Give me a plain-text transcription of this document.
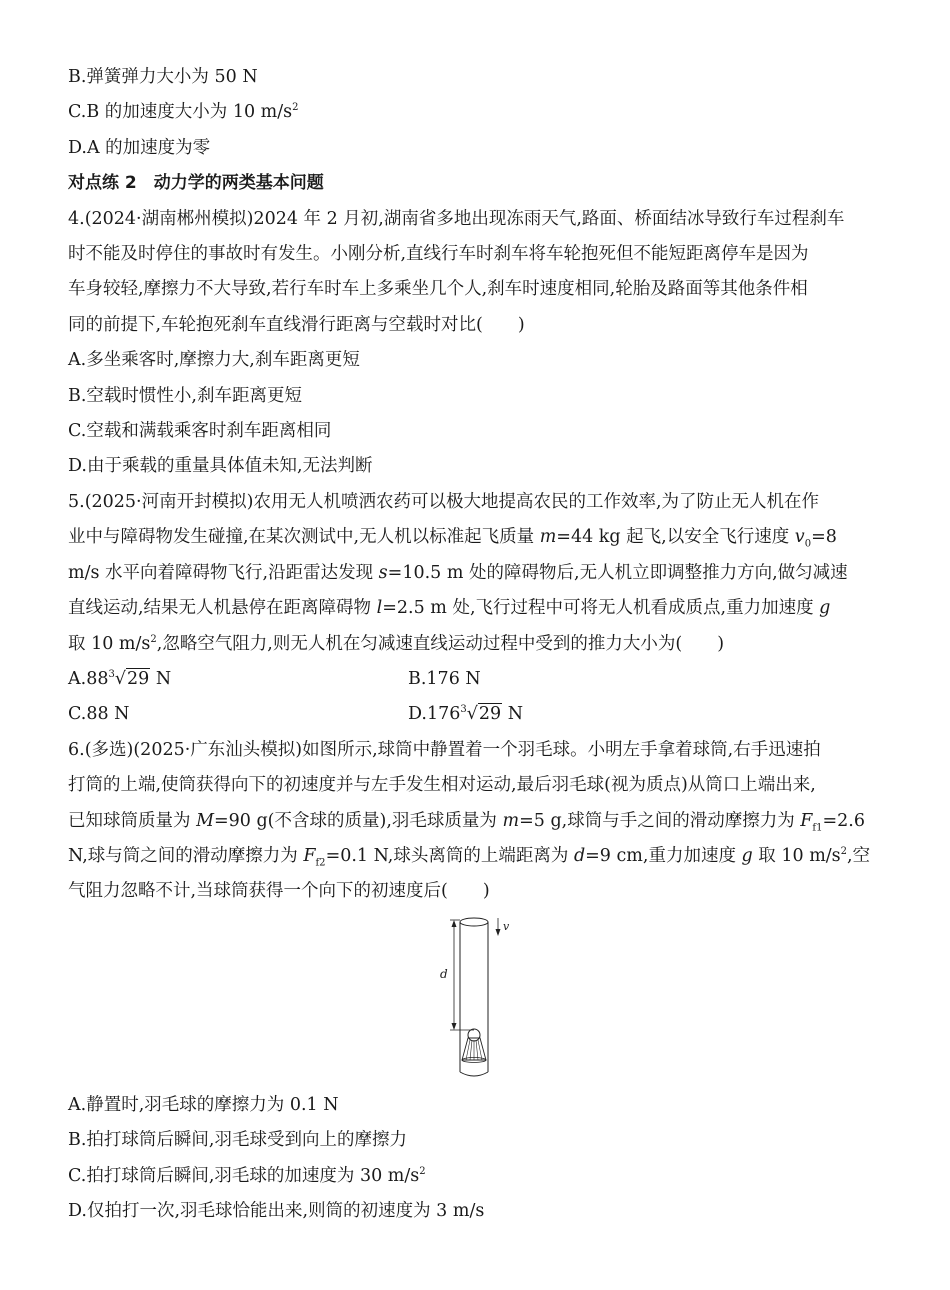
B.弹簧弹力大小为 50 N
C.B 的加速度大小为 10 $m/s^2$
D.A 的加速度为零
对点练 2　动力学的两类基本问题
4.(2024·湖南郴州模拟)2024 年 2 月初,湖南省多地出现冻雨天气,路面、桥面结冰导致行车过程刹车
时不能及时停住的事故时有发生。小刚分析,直线行车时刹车将车轮抱死但不能短距离停车是因为
车身较轻,摩擦力不大导致,若行车时车上多乘坐几个人,刹车时速度相同,轮胎及路面等其他条件相
同的前提下,车轮抱死刹车直线滑行距离与空载时对比(　　)
A.多坐乘客时,摩擦力大,刹车距离更短
B.空载时惯性小,刹车距离更短
C.空载和满载乘客时刹车距离相同
D.由于乘载的重量具体值未知,无法判断
5.(2025·河南开封模拟)农用无人机喷洒农药可以极大地提高农民的工作效率,为了防止无人机在作
业中与障碍物发生碰撞,在某次测试中,无人机以标准起飞质量 m=44 kg 起飞,以安全飞行速度 $v_0=8$
m/s 水平向着障碍物飞行,沿距雷达发现 s=10.5 m 处的障碍物后,无人机立即调整推力方向,做匀减速
直线运动,结果无人机悬停在距离障碍物 l=2.5 m 处,飞行过程中可将无人机看成质点,重力加速度 g
取 10 $m/s^2$,忽略空气阻力,则无人机在匀减速直线运动过程中受到的推力大小为(　　)
$A.88^3√29$ N	B.176 N
C.88 N	D.176$^3$√29 N
6.(多选)(2025·广东汕头模拟)如图所示,球筒中静置着一个羽毛球。小明左手拿着球筒,右手迅速拍
打筒的上端,使筒获得向下的初速度并与左手发生相对运动,最后羽毛球(视为质点)从筒口上端出来,
已知球筒质量为 M=90 g(不含球的质量),羽毛球质量为 m=5 g,球筒与手之间的滑动摩擦力为 $F_{f1}=2.6$
N,球与筒之间的滑动摩擦力为 $F_{f2}=0.1$ N,球头离筒的上端距离为 d=9 cm,重力加速度 g 取 10 $m/s^2$,空
气阻力忽略不计,当球筒获得一个向下的初速度后(　　)
d
v
A.静置时,羽毛球的摩擦力为 0.1 N
B.拍打球筒后瞬间,羽毛球受到向上的摩擦力
C.拍打球筒后瞬间,羽毛球的加速度为 30 $m/s^2$
D.仅拍打一次,羽毛球恰能出来,则筒的初速度为 3 m/s
